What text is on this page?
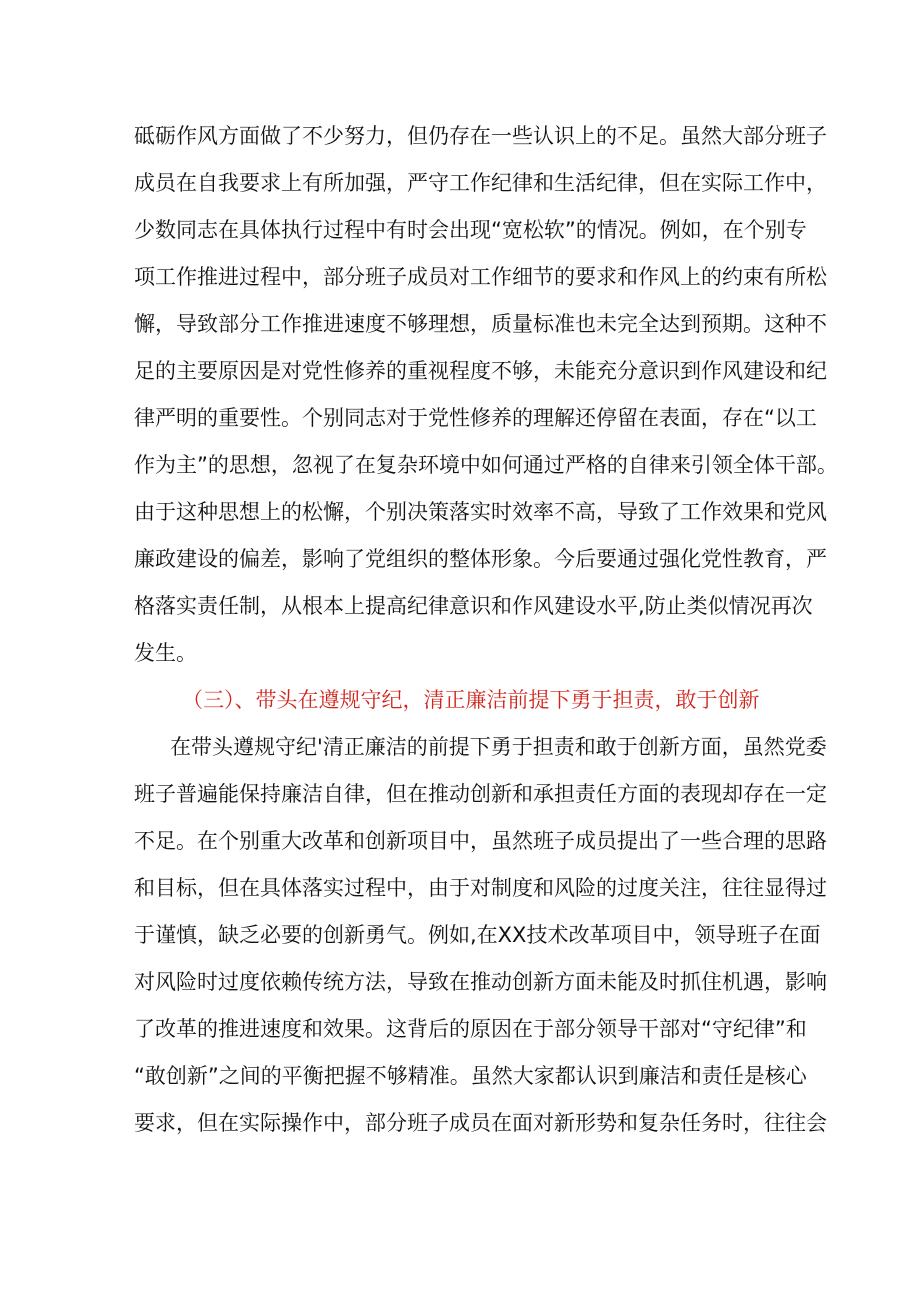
砥砺作风方面做了不少努力，但仍存在一些认识上的不足。虽然大部分班子
成员在自我要求上有所加强，严守工作纪律和生活纪律，但在实际工作中，
少数同志在具体执行过程中有时会出现“宽松软”的情况。例如，在个别专
项工作推进过程中，部分班子成员对工作细节的要求和作风上的约束有所松
懈，导致部分工作推进速度不够理想，质量标准也未完全达到预期。这种不
足的主要原因是对党性修养的重视程度不够，未能充分意识到作风建设和纪
律严明的重要性。个别同志对于党性修养的理解还停留在表面，存在“以工
作为主”的思想，忽视了在复杂环境中如何通过严格的自律来引领全体干部。
由于这种思想上的松懈，个别决策落实时效率不高，导致了工作效果和党风
廉政建设的偏差，影响了党组织的整体形象。今后要通过强化党性教育，严
格落实责任制，从根本上提高纪律意识和作风建设水平,防止类似情况再次
发生。
（三）、带头在遵规守纪，清正廉洁前提下勇于担责，敢于创新
在带头遵规守纪'清正廉洁的前提下勇于担责和敢于创新方面，虽然党委
班子普遍能保持廉洁自律，但在推动创新和承担责任方面的表现却存在一定
不足。在个别重大改革和创新项目中，虽然班子成员提出了一些合理的思路
和目标，但在具体落实过程中，由于对制度和风险的过度关注，往往显得过
于谨慎，缺乏必要的创新勇气。例如,在XX技术改革项目中，领导班子在面
对风险时过度依赖传统方法，导致在推动创新方面未能及时抓住机遇，影响
了改革的推进速度和效果。这背后的原因在于部分领导干部对“守纪律”和
“敢创新”之间的平衡把握不够精准。虽然大家都认识到廉洁和责任是核心
要求，但在实际操作中，部分班子成员在面对新形势和复杂任务时，往往会
